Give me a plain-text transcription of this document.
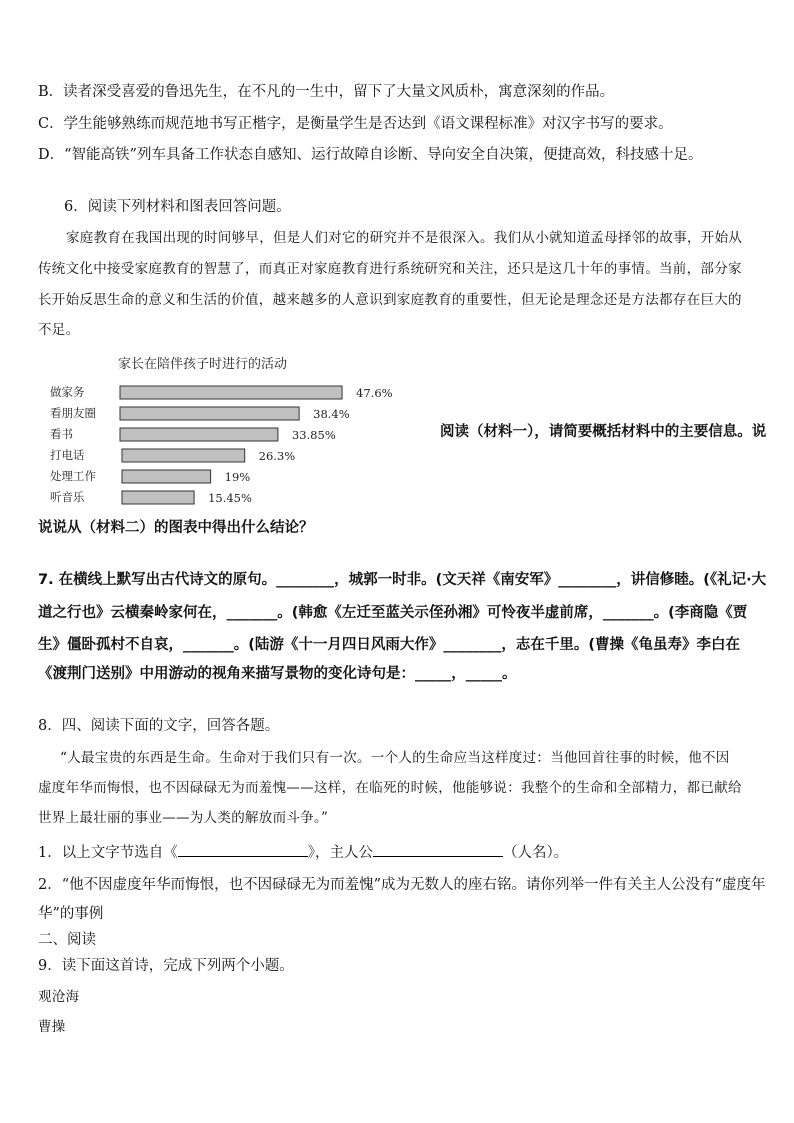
B．读者深受喜爱的鲁迅先生，在不凡的一生中，留下了大量文风质朴，寓意深刻的作品。
C．学生能够熟练而规范地书写正楷字，是衡量学生是否达到《语文课程标准》对汉字书写的要求。
D．“智能高铁”列车具备工作状态自感知、运行故障自诊断、导向安全自决策，便捷高效，科技感十足。
6．阅读下列材料和图表回答问题。
家庭教育在我国出现的时间够早，但是人们对它的研究并不是很深入。我们从小就知道孟母择邻的故事，开始从
传统文化中接受家庭教育的智慧了，而真正对家庭教育进行系统研究和关注，还只是这几十年的事情。当前，部分家
长开始反思生命的意义和生活的价值，越来越多的人意识到家庭教育的重要性，但无论是理念还是方法都存在巨大的
不足。
家长在陪伴孩子时进行的活动
做家务	47.6%
看朋友圈	38.4%
看书	33.85%
打电话	26.3%
处理工作	19%
听音乐	15.45%
阅读（材料一），请简要概括材料中的主要信息。说
说说从（材料二）的图表中得出什么结论？
7. 在横线上默写出古代诗文的原句。________，城郭一时非。(文天祥《南安军》________，讲信修睦。(《礼记·大
道之行也》云横秦岭家何在，_______。(韩愈《左迁至蓝关示侄孙湘》可怜夜半虚前席，_______。(李商隐《贾
生》僵卧孤村不自哀，_______。(陆游《十一月四日风雨大作》________，志在千里。(曹操《龟虽寿》李白在
《渡荆门送别》中用游动的视角来描写景物的变化诗句是：_____，_____。
8．四、阅读下面的文字，回答各题。
“人最宝贵的东西是生命。生命对于我们只有一次。一个人的生命应当这样度过：当他回首往事的时候，他不因
虚度年华而悔恨，也不因碌碌无为而羞愧——这样，在临死的时候，他能够说：我整个的生命和全部精力，都已献给
世界上最壮丽的事业——为人类的解放而斗争。”
1．以上文字节选自《	》，主人公	（人名）。
2．“他不因虚度年华而悔恨，也不因碌碌无为而羞愧”成为无数人的座右铭。请你列举一件有关主人公没有“虚度年
华”的事例
二、阅读
9．读下面这首诗，完成下列两个小题。
观沧海
曹操
